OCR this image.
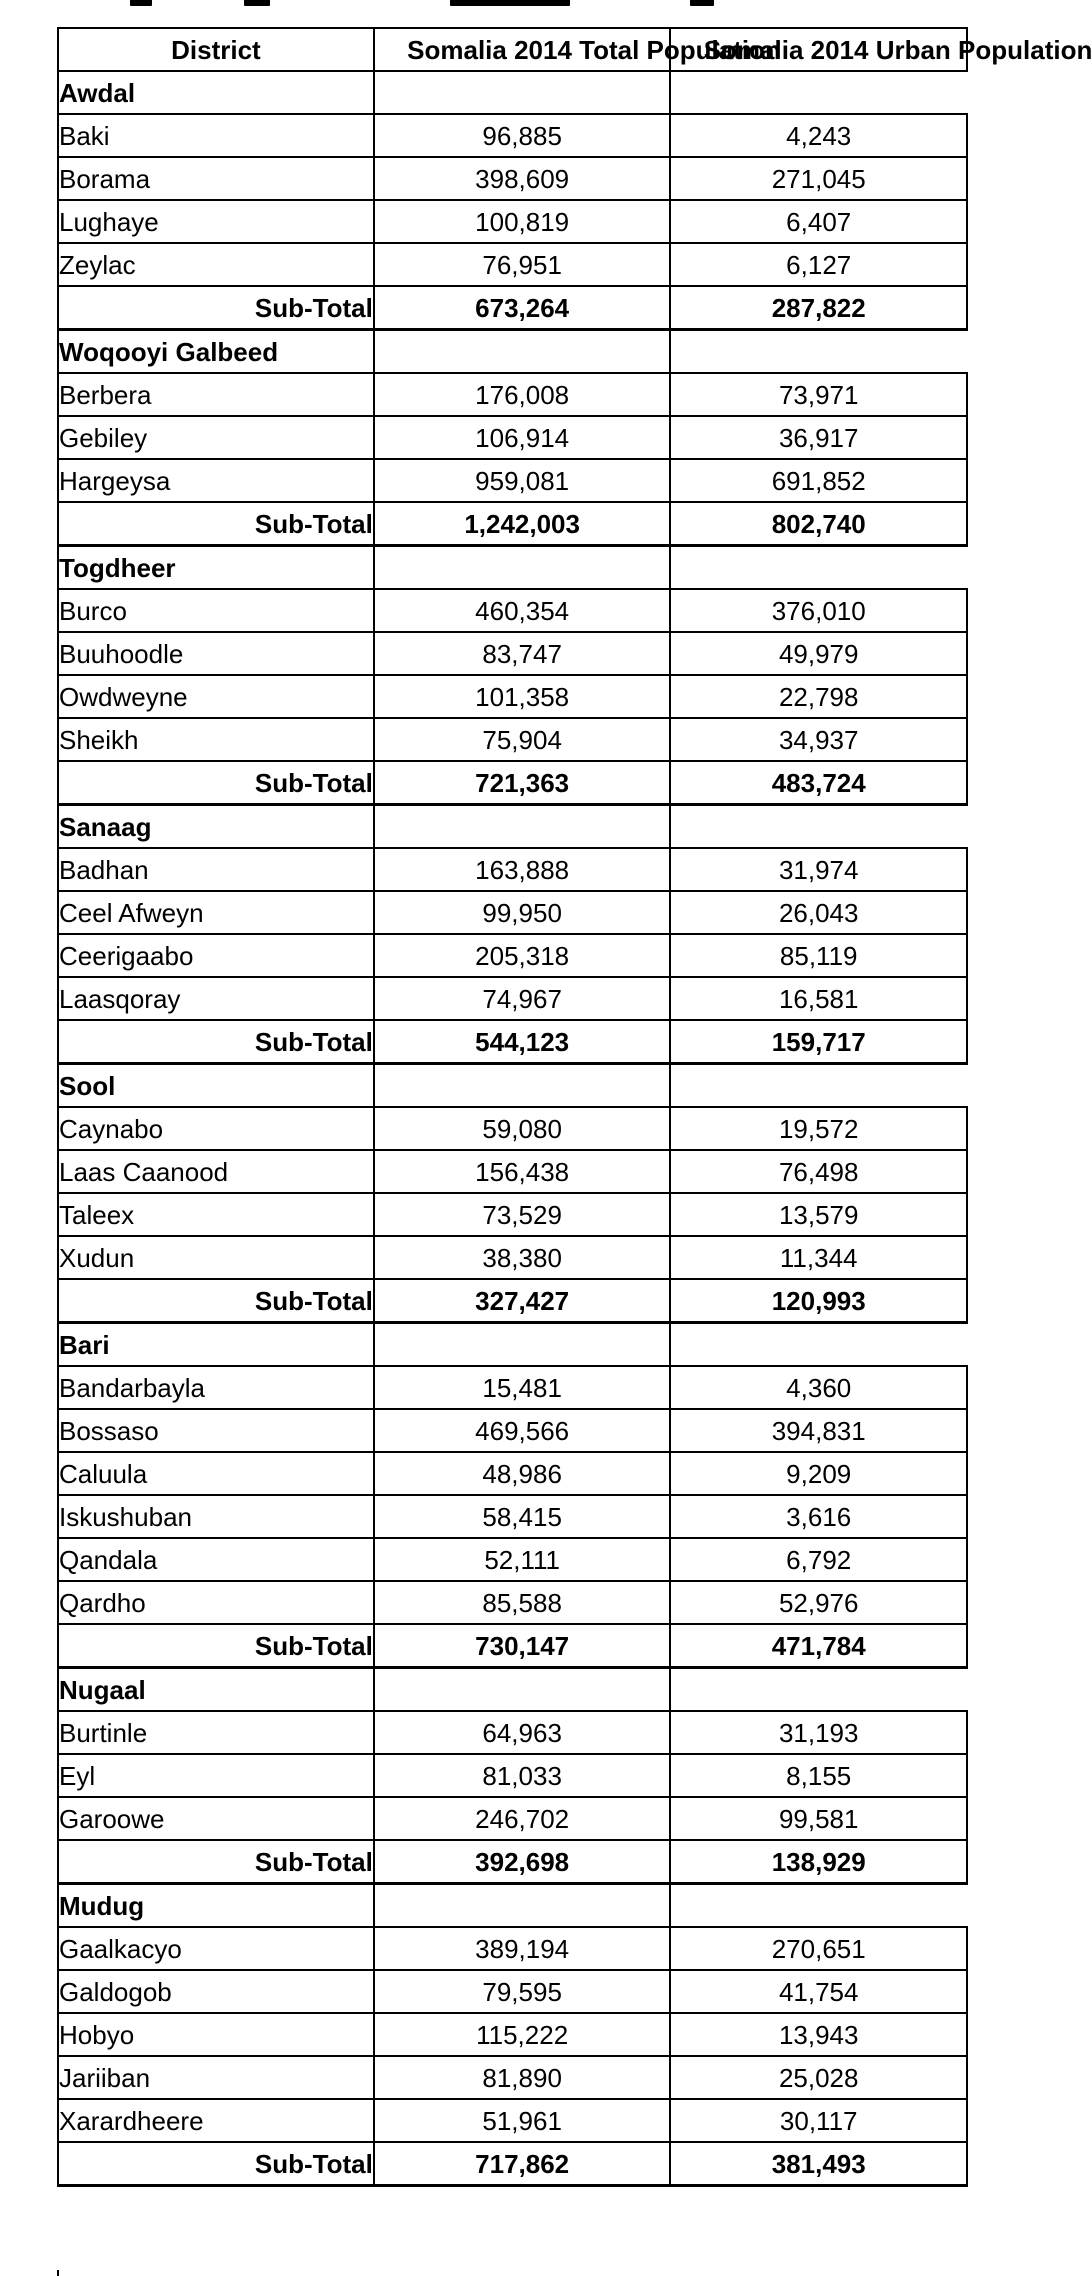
District	Somalia 2014 Total Population	Somalia 2014 Urban Population
Awdal		
Baki	96,885	4,243
Borama	398,609	271,045
Lughaye	100,819	6,407
Zeylac	76,951	6,127
Sub-Total	673,264	287,822
Woqooyi Galbeed		
Berbera	176,008	73,971
Gebiley	106,914	36,917
Hargeysa	959,081	691,852
Sub-Total	1,242,003	802,740
Togdheer		
Burco	460,354	376,010
Buuhoodle	83,747	49,979
Owdweyne	101,358	22,798
Sheikh	75,904	34,937
Sub-Total	721,363	483,724
Sanaag		
Badhan	163,888	31,974
Ceel Afweyn	99,950	26,043
Ceerigaabo	205,318	85,119
Laasqoray	74,967	16,581
Sub-Total	544,123	159,717
Sool		
Caynabo	59,080	19,572
Laas Caanood	156,438	76,498
Taleex	73,529	13,579
Xudun	38,380	11,344
Sub-Total	327,427	120,993
Bari		
Bandarbayla	15,481	4,360
Bossaso	469,566	394,831
Caluula	48,986	9,209
Iskushuban	58,415	3,616
Qandala	52,111	6,792
Qardho	85,588	52,976
Sub-Total	730,147	471,784
Nugaal		
Burtinle	64,963	31,193
Eyl	81,033	8,155
Garoowe	246,702	99,581
Sub-Total	392,698	138,929
Mudug		
Gaalkacyo	389,194	270,651
Galdogob	79,595	41,754
Hobyo	115,222	13,943
Jariiban	81,890	25,028
Xarardheere	51,961	30,117
Sub-Total	717,862	381,493
